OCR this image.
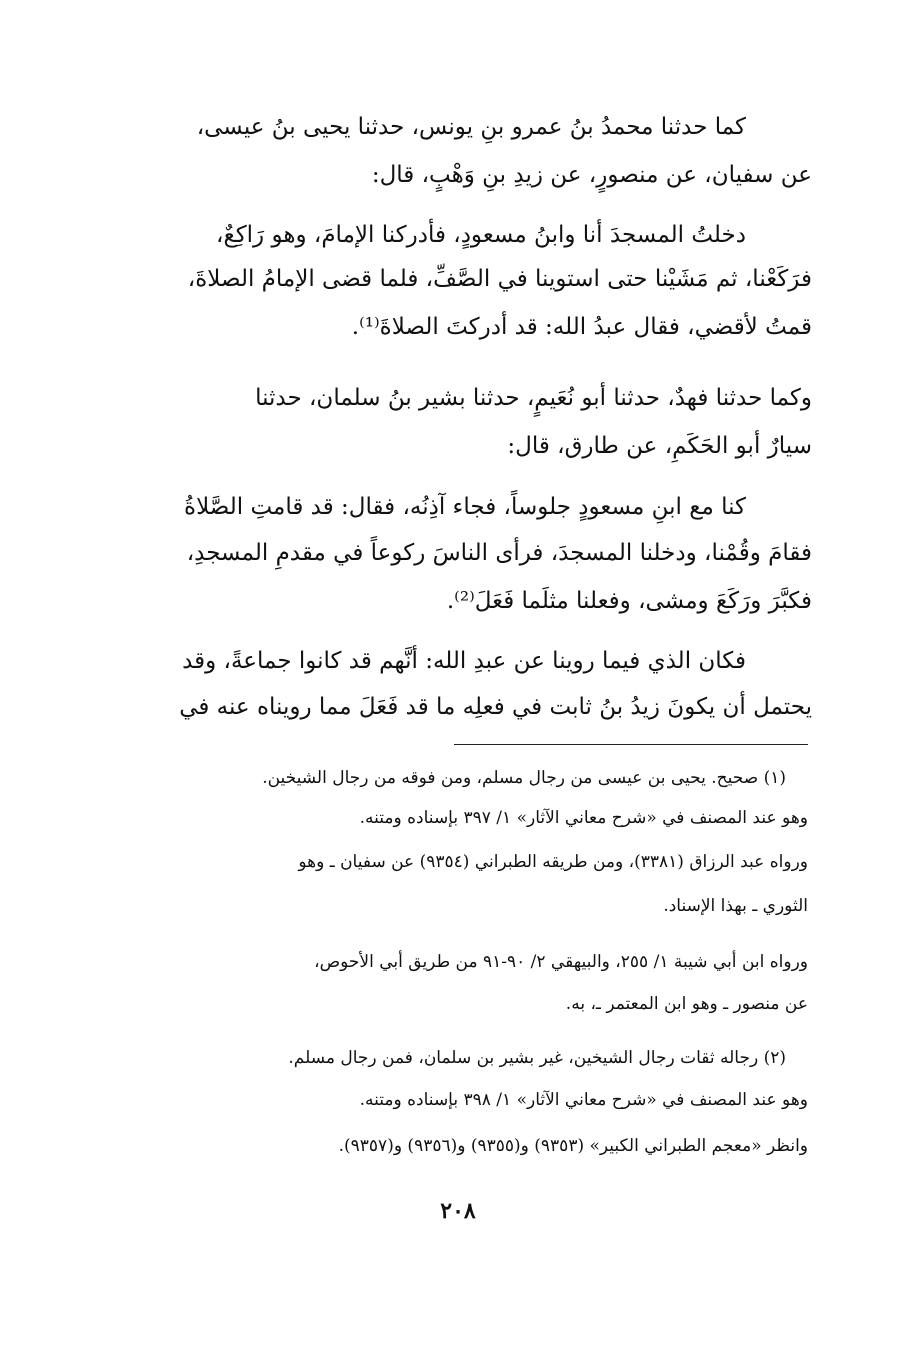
كما حدثنا محمدُ بنُ عمرو بنِ يونس، حدثنا يحيى بنُ عيسى،
عن سفيان، عن منصورٍ، عن زيدِ بنِ وَهْبٍ، قال:
دخلتُ المسجدَ أنا وابنُ مسعودٍ، فأدركنا الإمامَ، وهو رَاكِعٌ،
فرَكَعْنا، ثم مَشَيْنا حتى استوينا في الصَّفِّ، فلما قضى الإمامُ الصلاةَ،
قمتُ لأقضي، فقال عبدُ الله: قد أدركتَ الصلاةَ⁽¹⁾.
وكما حدثنا فهدٌ، حدثنا أبو نُعَيمٍ، حدثنا بشير بنُ سلمان، حدثنا
سيارٌ أبو الحَكَمِ، عن طارق، قال:
كنا مع ابنِ مسعودٍ جلوساً، فجاء آذِنُه، فقال: قد قامتِ الصَّلاةُ
فقامَ وقُمْنا، ودخلنا المسجدَ، فرأى الناسَ ركوعاً في مقدمِ المسجدِ،
فكبَّرَ ورَكَعَ ومشى، وفعلنا مثلَما فَعَلَ⁽²⁾.
فكان الذي فيما روينا عن عبدِ الله: أنَّهم قد كانوا جماعةً، وقد
يحتمل أن يكونَ زيدُ بنُ ثابت في فعلِه ما قد فَعَلَ مما رويناه عنه في
(١) صحيح. يحيى بن عيسى من رجال مسلم، ومن فوقه من رجال الشيخين.
وهو عند المصنف في «شرح معاني الآثار» ١/ ٣٩٧ بإسناده ومتنه.
ورواه عبد الرزاق (٣٣٨١)، ومن طريقه الطبراني (٩٣٥٤) عن سفيان ـ وهو
الثوري ـ بهذا الإسناد.
ورواه ابن أبي شيبة ١/ ٢٥٥، والبيهقي ٢/ ٩٠-٩١ من طريق أبي الأحوص،
عن منصور ـ وهو ابن المعتمر ـ، به.
(٢) رجاله ثقات رجال الشيخين، غير بشير بن سلمان، فمن رجال مسلم.
وهو عند المصنف في «شرح معاني الآثار» ١/ ٣٩٨ بإسناده ومتنه.
وانظر «معجم الطبراني الكبير» (٩٣٥٣) و(٩٣٥٥) و(٩٣٥٦) و(٩٣٥٧).
٢٠٨
